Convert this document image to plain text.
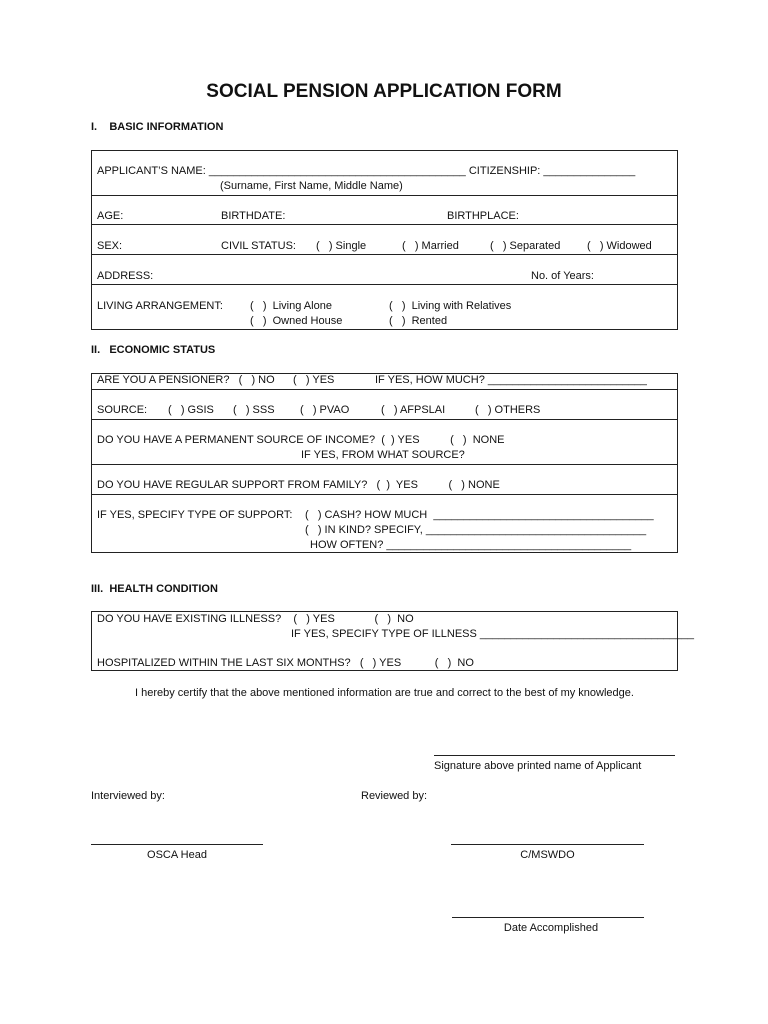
SOCIAL PENSION APPLICATION FORM
I.    BASIC INFORMATION
APPLICANT’S NAME: __________________________________________ CITIZENSHIP: _______________
(Surname, First Name, Middle Name)
AGE:	BIRTHDATE:	BIRTHPLACE:
SEX:	CIVIL STATUS: (   ) Single	(   ) Married	(   ) Separated (   ) Widowed
ADDRESS:	No. of Years:
LIVING ARRANGEMENT: (   )  Living Alone	(   )  Living with Relatives
(   )  Owned House	(   )  Rented
II.   ECONOMIC STATUS
ARE YOU A PENSIONER?   (   ) NO      (   ) YES	IF YES, HOW MUCH? __________________________
SOURCE: (   ) GSIS (   ) SSS (   ) PVAO	(   ) AFPSLAI	(   ) OTHERS
DO YOU HAVE A PERMANENT SOURCE OF INCOME?  (  ) YES          (   )  NONE
IF YES, FROM WHAT SOURCE?
DO YOU HAVE REGULAR SUPPORT FROM FAMILY?   (  )  YES          (   ) NONE
IF YES, SPECIFY TYPE OF SUPPORT: (   ) CASH? HOW MUCH  ____________________________________
(   ) IN KIND? SPECIFY, ____________________________________
HOW OFTEN? ________________________________________
III.  HEALTH CONDITION
DO YOU HAVE EXISTING ILLNESS?    (   ) YES             (   )  NO
IF YES, SPECIFY TYPE OF ILLNESS ___________________________________
HOSPITALIZED WITHIN THE LAST SIX MONTHS?   (   ) YES           (   )  NO
I hereby certify that the above mentioned information are true and correct to the best of my knowledge.
Signature above printed name of Applicant
Interviewed by:	Reviewed by:
OSCA Head	C/MSWDO
Date Accomplished
